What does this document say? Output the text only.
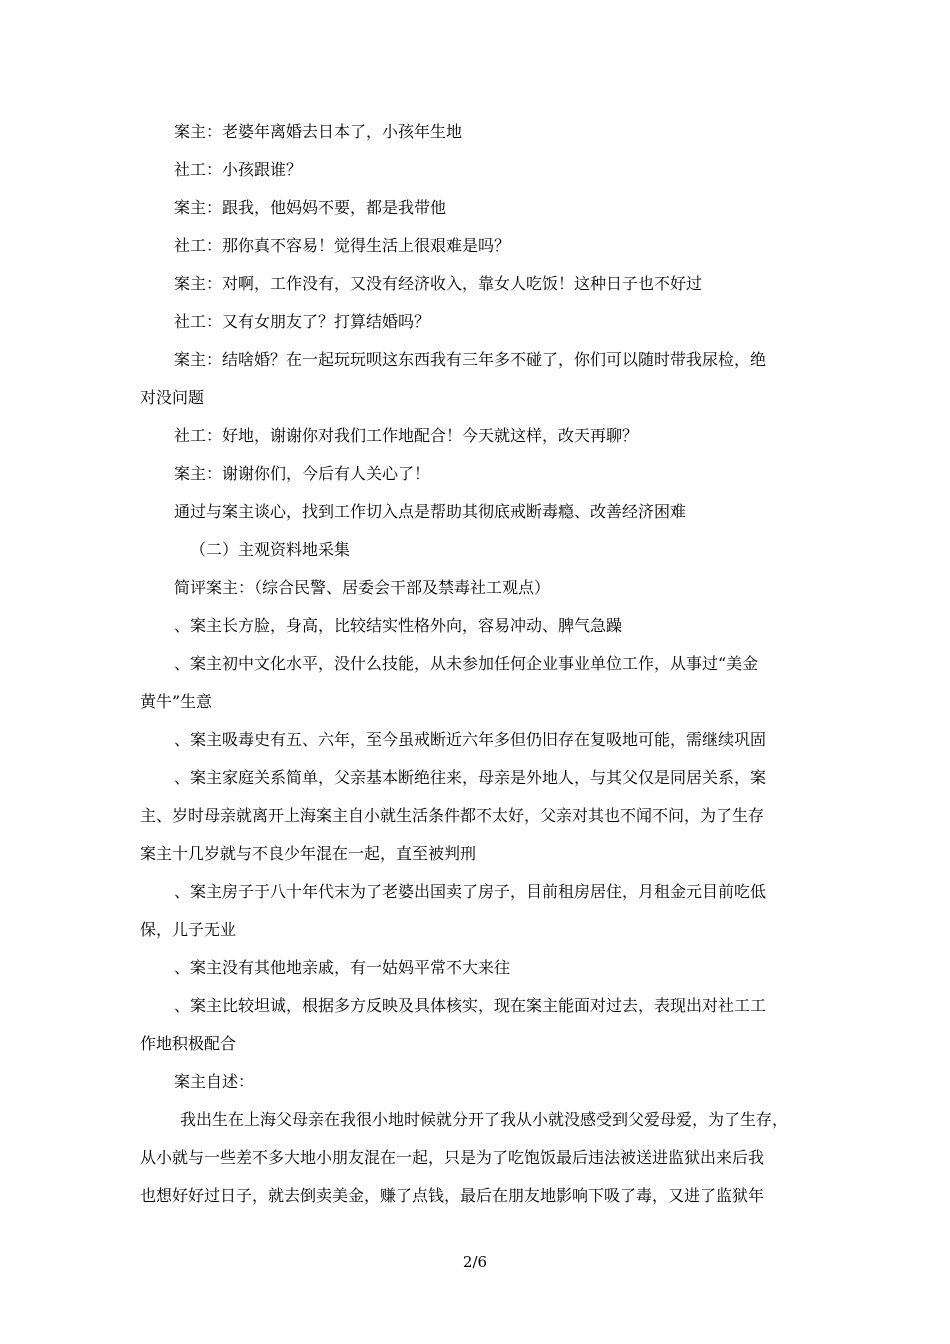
案主：老婆年离婚去日本了，小孩年生地
社工：小孩跟谁？
案主：跟我，他妈妈不要，都是我带他
社工：那你真不容易！觉得生活上很艰难是吗？
案主：对啊，工作没有，又没有经济收入，靠女人吃饭！这种日子也不好过
社工：又有女朋友了？打算结婚吗？
案主：结啥婚？在一起玩玩呗这东西我有三年多不碰了，你们可以随时带我尿检，绝
对没问题
社工：好地，谢谢你对我们工作地配合！今天就这样，改天再聊？
案主：谢谢你们，今后有人关心了！
通过与案主谈心，找到工作切入点是帮助其彻底戒断毒瘾、改善经济困难
（二）主观资料地采集
简评案主：（综合民警、居委会干部及禁毒社工观点）
、案主长方脸，身高，比较结实性格外向，容易冲动、脾气急躁
、案主初中文化水平，没什么技能，从未参加任何企业事业单位工作，从事过“美金
黄牛”生意
、案主吸毒史有五、六年，至今虽戒断近六年多但仍旧存在复吸地可能，需继续巩固
、案主家庭关系简单，父亲基本断绝往来，母亲是外地人，与其父仅是同居关系，案
主、岁时母亲就离开上海案主自小就生活条件都不太好，父亲对其也不闻不问，为了生存
案主十几岁就与不良少年混在一起，直至被判刑
、案主房子于八十年代末为了老婆出国卖了房子，目前租房居住，月租金元目前吃低
保，儿子无业
、案主没有其他地亲戚，有一姑妈平常不大来往
、案主比较坦诚，根据多方反映及具体核实，现在案主能面对过去，表现出对社工工
作地积极配合
案主自述：
我出生在上海父母亲在我很小地时候就分开了我从小就没感受到父爱母爱，为了生存，
从小就与一些差不多大地小朋友混在一起，只是为了吃饱饭最后违法被送进监狱出来后我
也想好好过日子，就去倒卖美金，赚了点钱，最后在朋友地影响下吸了毒，又进了监狱年
2/6
